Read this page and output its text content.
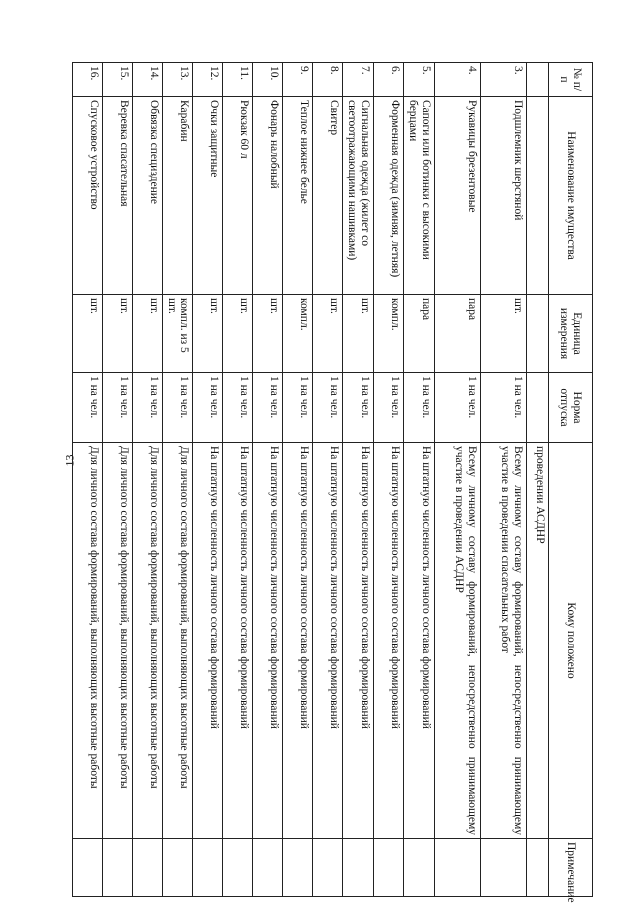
13
№ п/п	Наименование имущества	Единица измерения	Норма отпуска	Кому положено	Примечание
				проведении АСДНР	
3.	Подшлемник шерстяной	шт.	1 на чел.	Всему личному составу формирований, непосредственно принимающему участие в проведении спасательных работ	
4.	Рукавицы брезентовые	пара	1 на чел.	Всему личному составу формирований, непосредственно принимающему участие в проведении АСДНР	
5.	Сапоги или ботинки с высокими берцами	пара	1 на чел.	На штатную численность личного состава формирований	
6.	Форменная одежда (зимняя, летняя)	компл.	1 на чел.	На штатную численность личного состава формирований	
7.	Сигнальная одежда (жилет со светоотражающими нашивками)	шт.	1 на чел.	На штатную численность личного состава формирований	
8.	Свитер	шт.	1 на чел.	На штатную численность личного состава формирований	
9.	Теплое нижнее белье	компл.	1 на чел.	На штатную численность личного состава формирований	
10.	Фонарь налобный	шт.	1 на чел.	На штатную численность личного состава формирований	
11.	Рюкзак 60 л	шт.	1 на чел.	На штатную численность личного состава формирований	
12.	Очки защитные	шт.	1 на чел.	На штатную численность личного состава формирований	
13.	Карабин	компл. из 5 шт.	1 на чел.	Для личного состава формирований, выполняющих высотные работы	
14.	Обвязка специздение	шт.	1 на чел.	Для личного состава формирований, выполняющих высотные работы	
15.	Веревка спасательная	шт.	1 на чел.	Для личного состава формирований, выполняющих высотные работы	
16.	Спусковое устройство	шт.	1 на чел.	Для личного состава формирований, выполняющих высотные работы	
